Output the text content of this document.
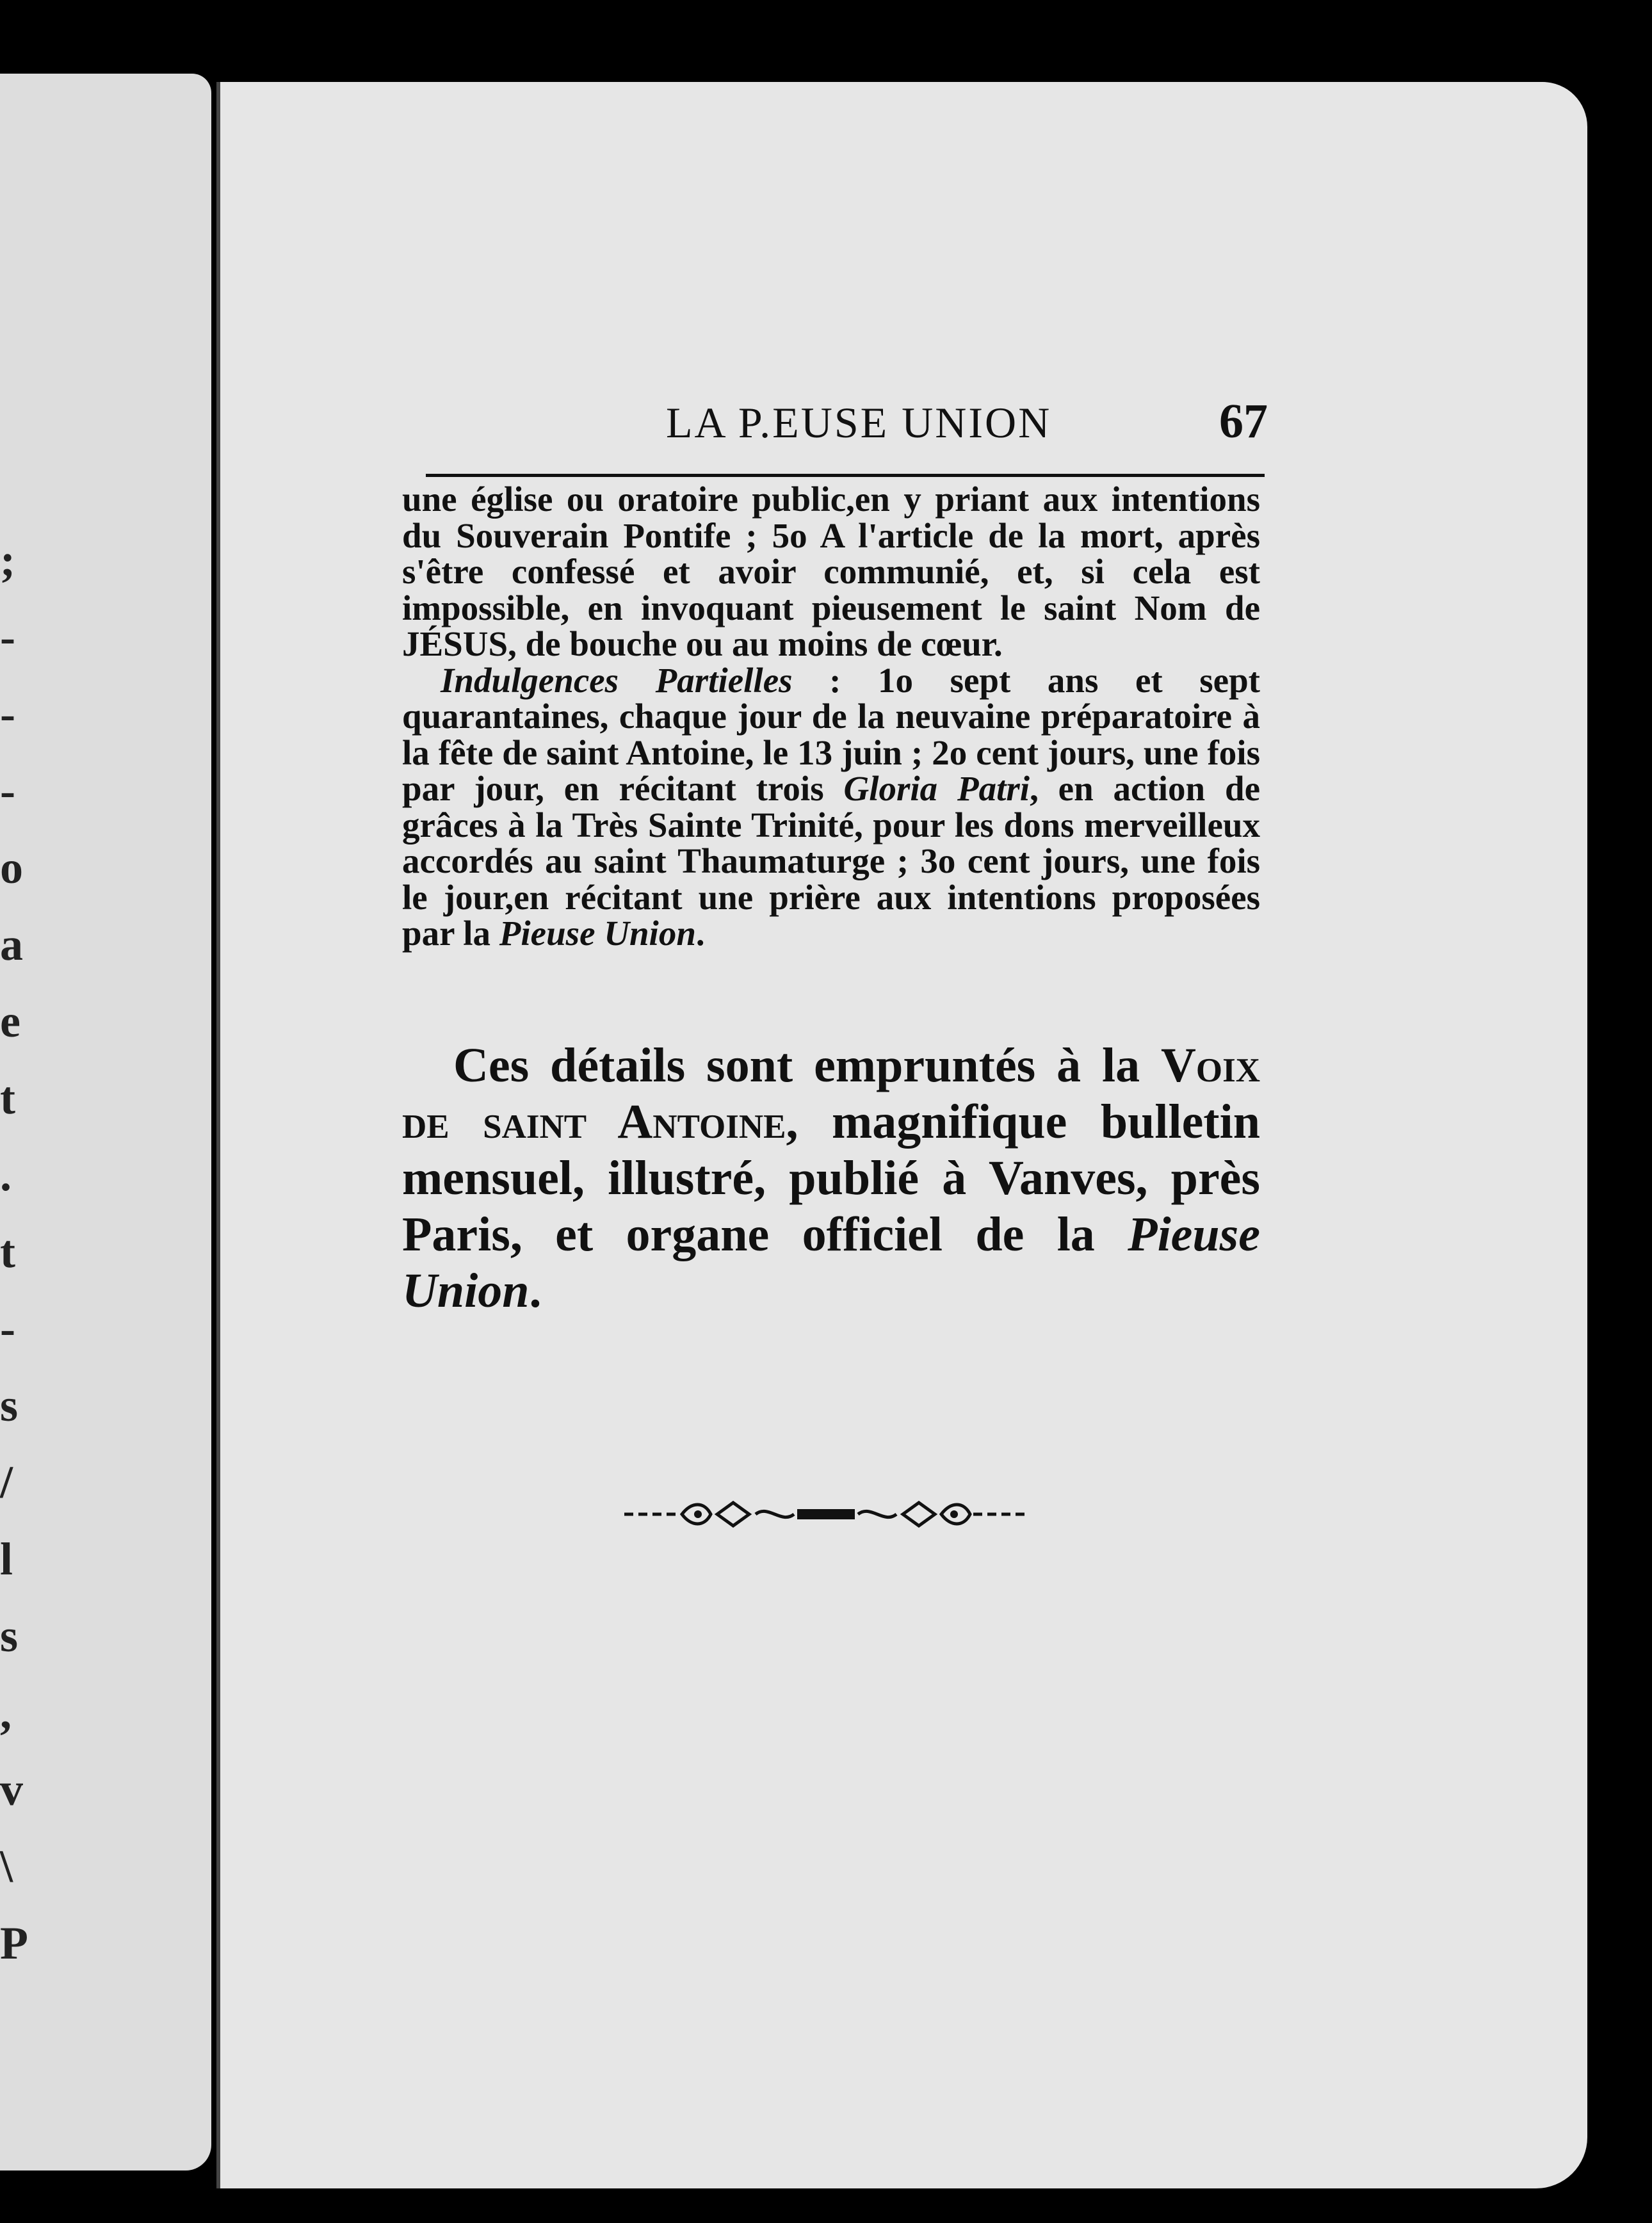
;
-
-
-
o
a
e
t
.
t
-
s
/
l
s
,
v
\
P
LA P.EUSE UNION	67

une église ou oratoire public,en y priant aux intentions du Souverain Pontife ; 5o A l'article de la mort, après s'être confessé et avoir communié, et, si cela est impossible, en invoquant pieusement le saint Nom de JÉSUS, de bouche ou au moins de cœur.

Indulgences Partielles : 1o sept ans et sept quarantaines, chaque jour de la neuvaine préparatoire à la fête de saint Antoine, le 13 juin ; 2o cent jours, une fois par jour, en récitant trois Gloria Patri, en action de grâces à la Très Sainte Trinité, pour les dons merveilleux accordés au saint Thaumaturge ; 3o cent jours, une fois le jour,en récitant une prière aux intentions proposées par la Pieuse Union.

Ces détails sont empruntés à la Voix de saint Antoine, magnifique bulletin mensuel, illustré, publié à Vanves, près Paris, et organe officiel de la Pieuse Union.
